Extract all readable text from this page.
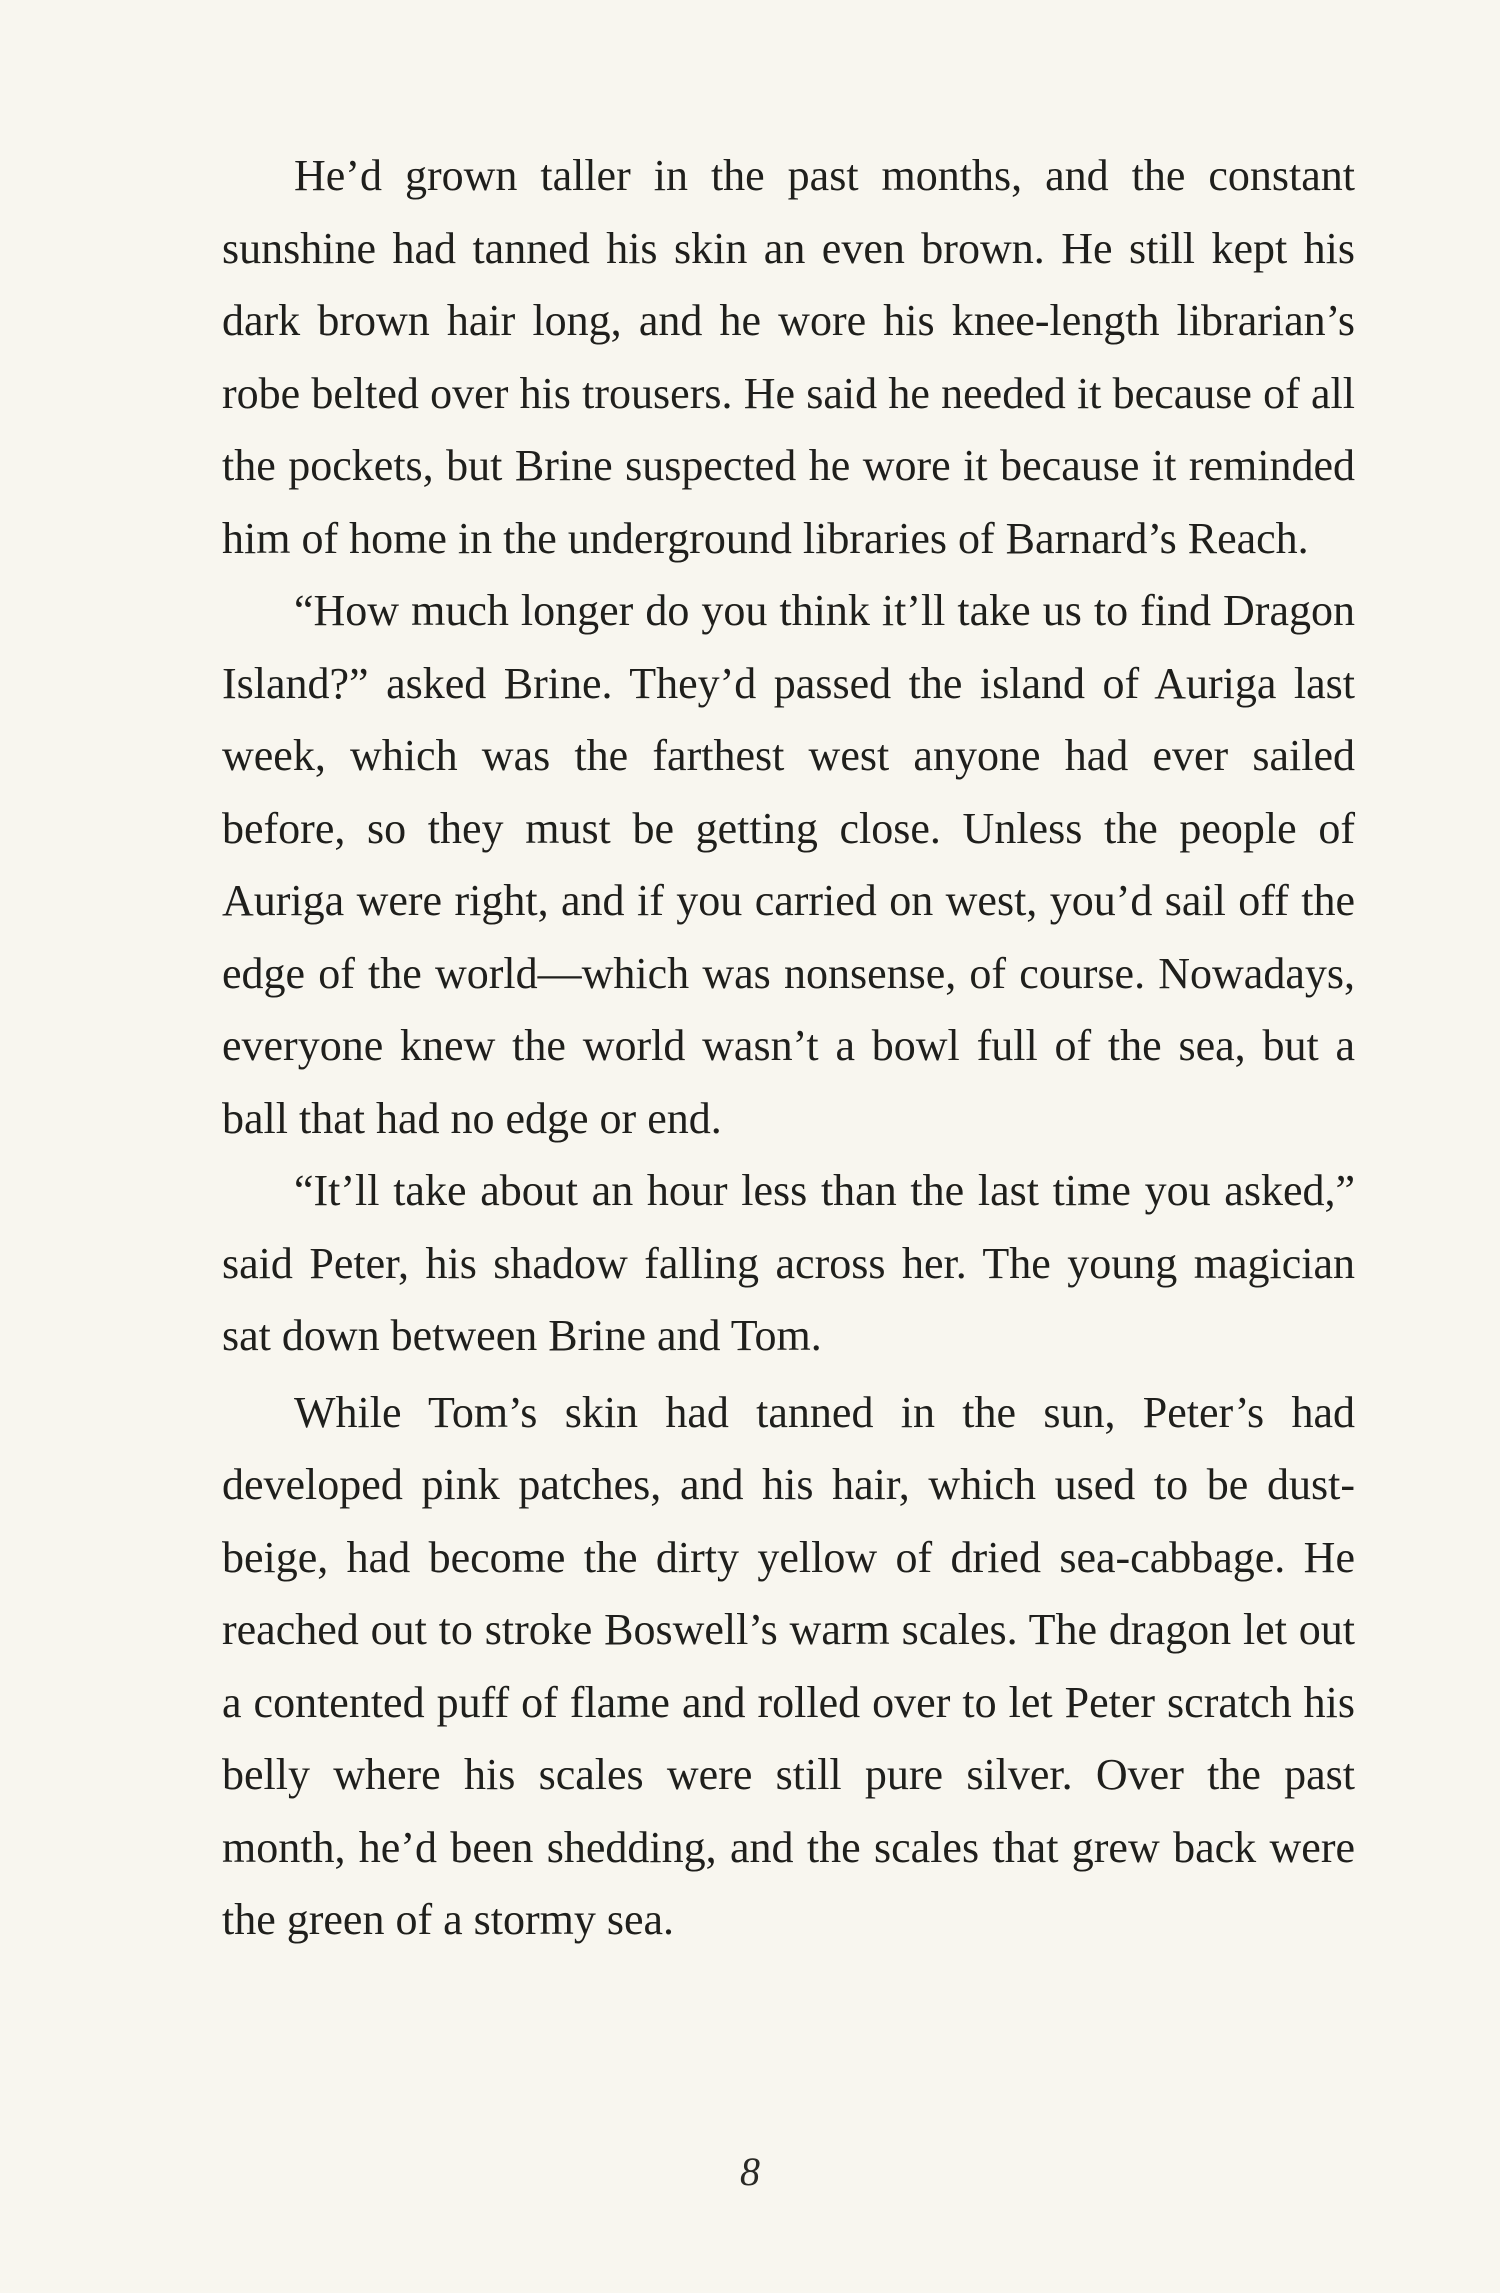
He’d grown taller in the past months, and the constant sunshine had tanned his skin an even brown. He still kept his dark brown hair long, and he wore his knee-length librarian’s robe belted over his trousers. He said he needed it because of all the pockets, but Brine suspected he wore it because it reminded him of home in the underground libraries of Barnard’s Reach.

“How much longer do you think it’ll take us to find Dragon Island?” asked Brine. They’d passed the island of Auriga last week, which was the farthest west anyone had ever sailed before, so they must be getting close. Unless the people of Auriga were right, and if you carried on west, you’d sail off the edge of the world—which was nonsense, of course. Nowadays, everyone knew the world wasn’t a bowl full of the sea, but a ball that had no edge or end.

“It’ll take about an hour less than the last time you asked,” said Peter, his shadow falling across her. The young magician sat down between Brine and Tom.

While Tom’s skin had tanned in the sun, Peter’s had developed pink patches, and his hair, which used to be dust-beige, had become the dirty yellow of dried sea-cabbage. He reached out to stroke Boswell’s warm scales. The dragon let out a contented puff of flame and rolled over to let Peter scratch his belly where his scales were still pure silver. Over the past month, he’d been shedding, and the scales that grew back were the green of a stormy sea.

8
